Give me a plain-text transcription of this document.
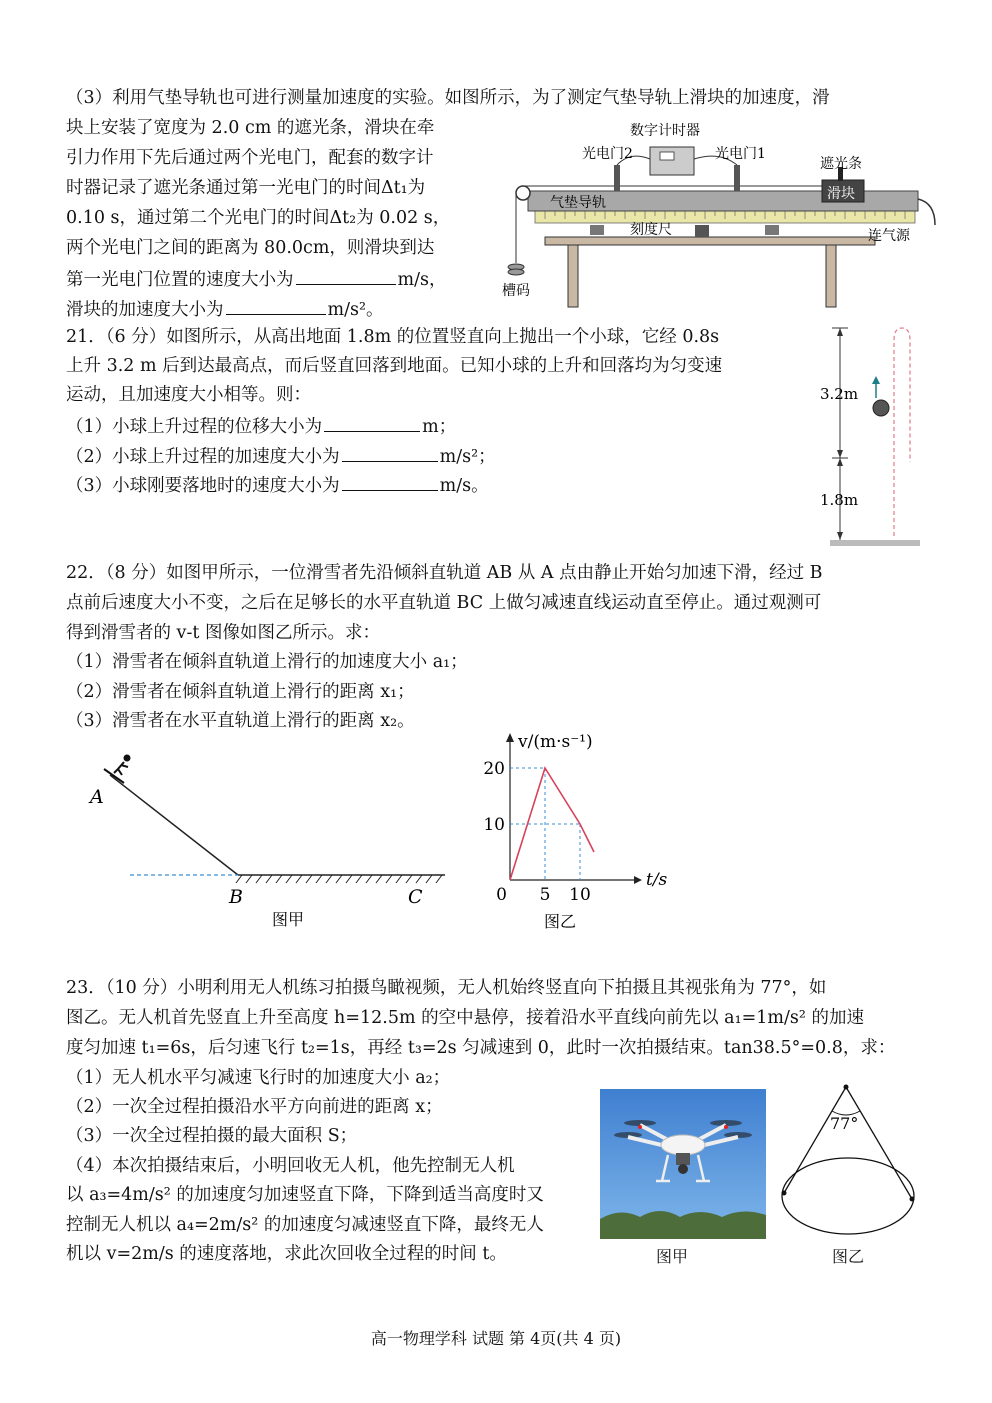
（3）利用气垫导轨也可进行测量加速度的实验。如图所示，为了测定气垫导轨上滑块的加速度，滑
块上安装了宽度为 2.0 cm 的遮光条，滑块在牵
引力作用下先后通过两个光电门，配套的数字计
时器记录了遮光条通过第一光电门的时间Δt₁为
0.10 s，通过第二个光电门的时间Δt₂为 0.02 s，
两个光电门之间的距离为 80.0cm，则滑块到达
第一光电门位置的速度大小为	m/s，
滑块的加速度大小为	m/s²。
数字计时器
光电门2	光电门1
遮光条
滑块
气垫导轨
刻度尺	连气源
槽码
21．（6 分）如图所示，从高出地面 1.8m 的位置竖直向上抛出一个小球，它经 0.8s
上升 3.2 m 后到达最高点，而后竖直回落到地面。已知小球的上升和回落均为匀变速
运动，且加速度大小相等。则：
（1）小球上升过程的位移大小为	m；
（2）小球上升过程的加速度大小为	m/s²；
（3）小球刚要落地时的速度大小为	m/s。
3.2m
1.8m
22．（8 分）如图甲所示，一位滑雪者先沿倾斜直轨道 AB 从 A 点由静止开始匀加速下滑，经过 B
点前后速度大小不变，之后在足够长的水平直轨道 BC 上做匀减速直线运动直至停止。通过观测可
得到滑雪者的 v-t 图像如图乙所示。求：
（1）滑雪者在倾斜直轨道上滑行的加速度大小 a₁；
（2）滑雪者在倾斜直轨道上滑行的距离 x₁；
（3）滑雪者在水平直轨道上滑行的距离 x₂。
A
B	C
图甲
20
10
0 5 10
v/(m·s⁻¹)
t/s
图乙
23．（10 分）小明利用无人机练习拍摄鸟瞰视频，无人机始终竖直向下拍摄且其视张角为 77°，如
图乙。无人机首先竖直上升至高度 h=12.5m 的空中悬停，接着沿水平直线向前先以 a₁=1m/s² 的加速
度匀加速 t₁=6s，后匀速飞行 t₂=1s，再经 t₃=2s 匀减速到 0，此时一次拍摄结束。tan38.5°=0.8，求：
（1）无人机水平匀减速飞行时的加速度大小 a₂；
（2）一次全过程拍摄沿水平方向前进的距离 x；
（3）一次全过程拍摄的最大面积 S；
（4）本次拍摄结束后，小明回收无人机，他先控制无人机
以 a₃=4m/s² 的加速度匀加速竖直下降，下降到适当高度时又
控制无人机以 a₄=2m/s² 的加速度匀减速竖直下降，最终无人
机以 v=2m/s 的速度落地，求此次回收全过程的时间 t。	图甲
77°
图乙
高一物理学科 试题 第 4页(共 4 页)
